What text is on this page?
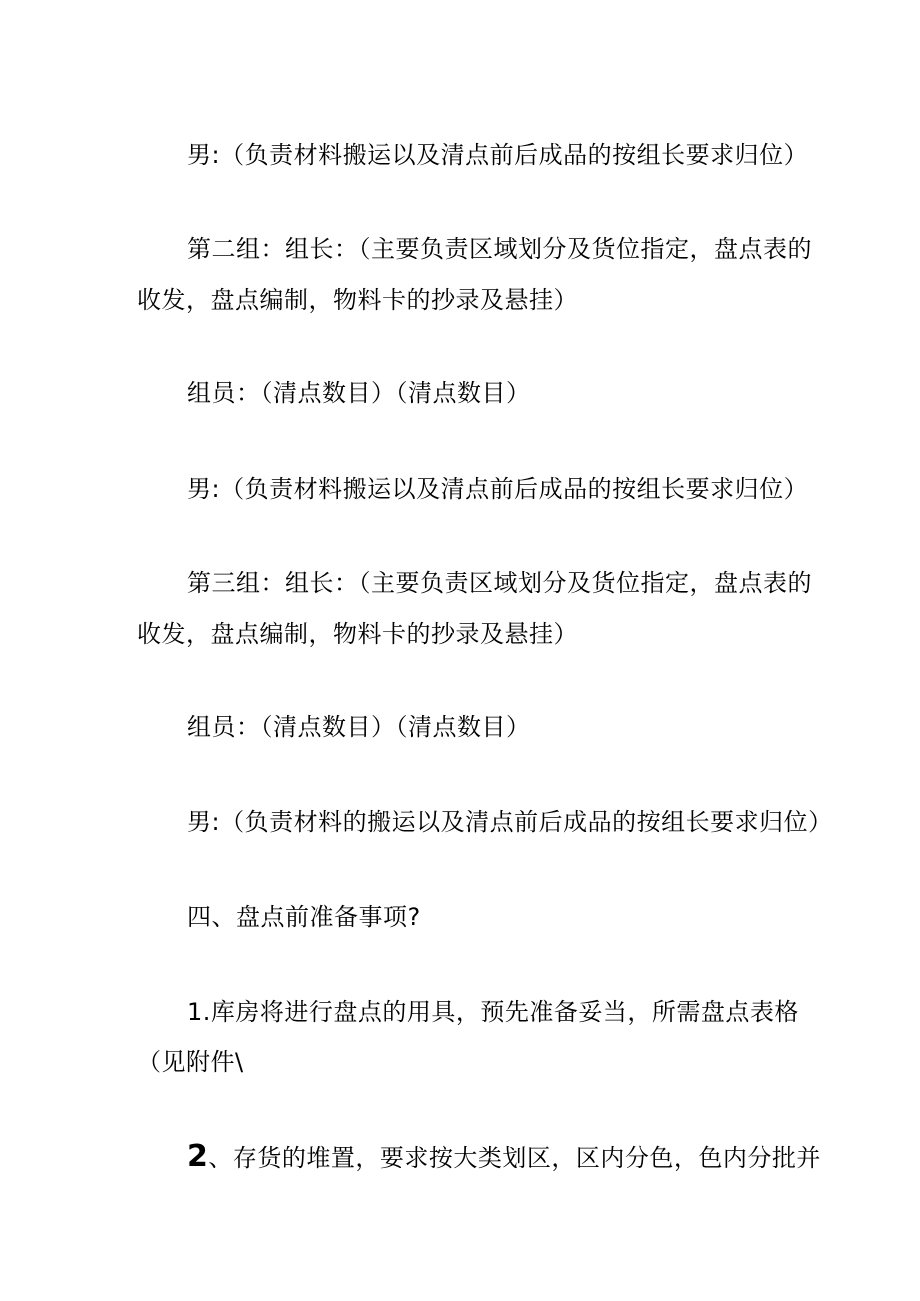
男:（负责材料搬运以及清点前后成品的按组长要求归位）
第二组：组长：（主要负责区域划分及货位指定，盘点表的
收发，盘点编制，物料卡的抄录及悬挂）
组员：（清点数目）（清点数目）
男:（负责材料搬运以及清点前后成品的按组长要求归位）
第三组：组长：（主要负责区域划分及货位指定，盘点表的
收发，盘点编制，物料卡的抄录及悬挂）
组员：（清点数目）（清点数目）
男:（负责材料的搬运以及清点前后成品的按组长要求归位）
四、盘点前准备事项?
1.库房将进行盘点的用具，预先准备妥当，所需盘点表格
（见附件\
2、存货的堆置，要求按大类划区，区内分色，色内分批并
